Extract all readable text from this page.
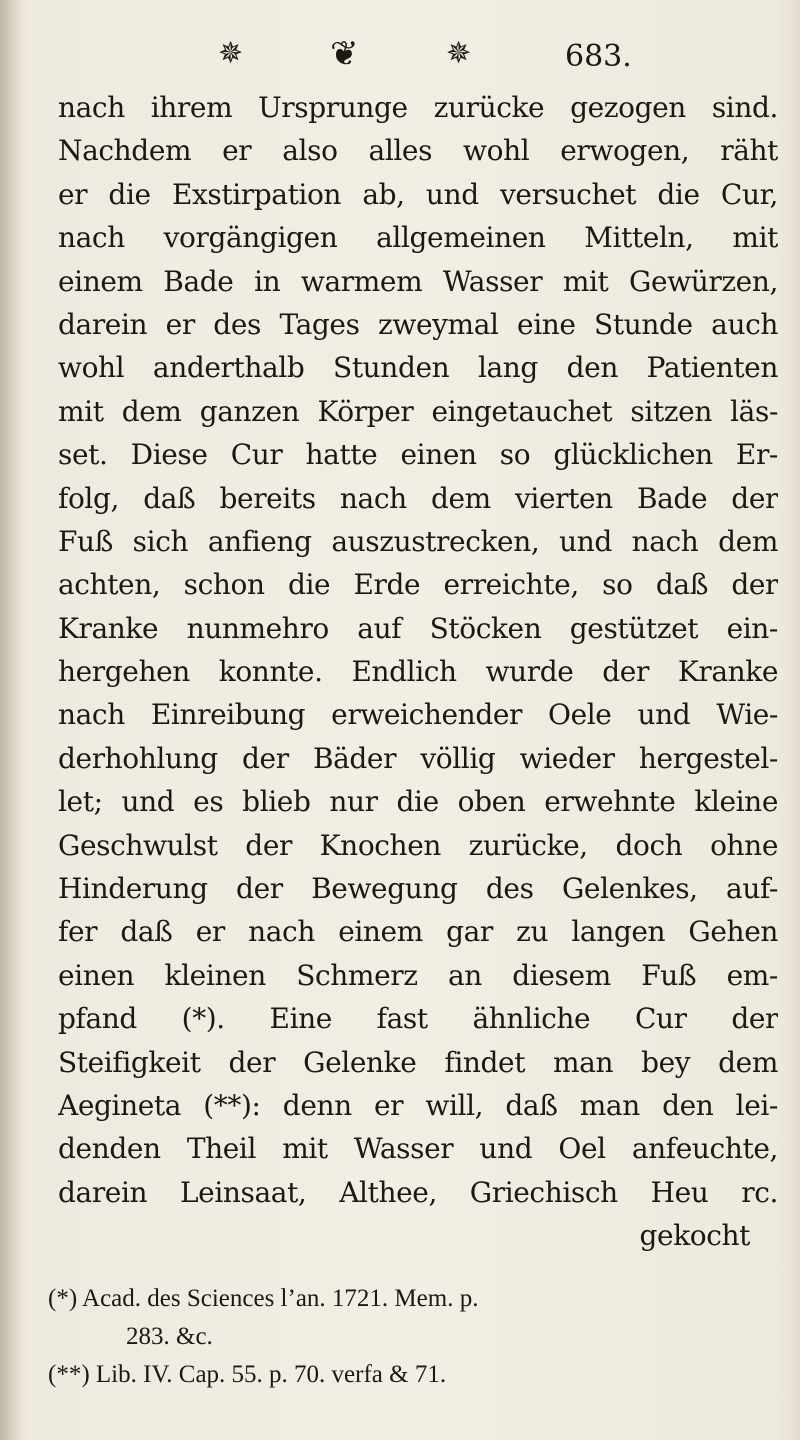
✵	❦	✵	683.
nach ihrem Ursprunge zurücke gezogen sind.
Nachdem er also alles wohl erwogen, räht
er die Exstirpation ab, und versuchet die Cur,
nach vorgängigen allgemeinen Mitteln, mit
einem Bade in warmem Wasser mit Gewürzen,
darein er des Tages zweymal eine Stunde auch
wohl anderthalb Stunden lang den Patienten
mit dem ganzen Körper eingetauchet sitzen läs-
set. Diese Cur hatte einen so glücklichen Er-
folg, daß bereits nach dem vierten Bade der
Fuß sich anfieng auszustrecken, und nach dem
achten, schon die Erde erreichte, so daß der
Kranke nunmehro auf Stöcken gestützet ein-
hergehen konnte. Endlich wurde der Kranke
nach Einreibung erweichender Oele und Wie-
derhohlung der Bäder völlig wieder hergestel-
let; und es blieb nur die oben erwehnte kleine
Geschwulst der Knochen zurücke, doch ohne
Hinderung der Bewegung des Gelenkes, auf-
fer daß er nach einem gar zu langen Gehen
einen kleinen Schmerz an diesem Fuß em-
pfand (*). Eine fast ähnliche Cur der
Steifigkeit der Gelenke findet man bey dem
Aegineta (**): denn er will, daß man den lei-
denden Theil mit Wasser und Oel anfeuchte,
darein Leinsaat, Althee, Griechisch Heu rc.
gekocht
(*) Acad. des Sciences l’an. 1721. Mem. p.
283. &c.
(**) Lib. IV. Cap. 55. p. 70. verfa & 71.
